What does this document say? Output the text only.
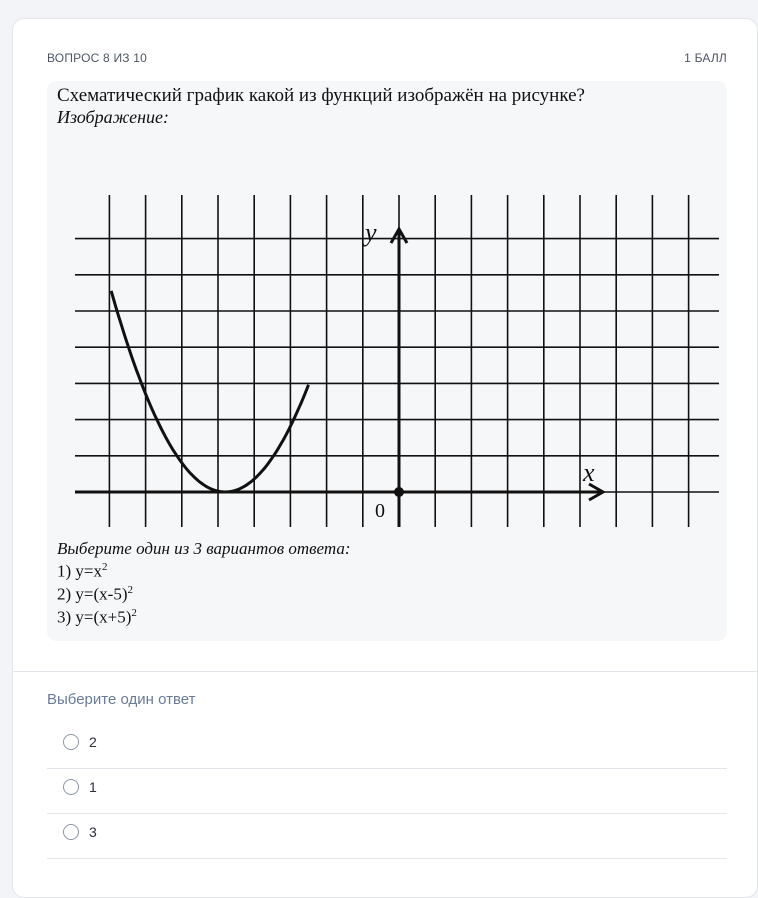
ВОПРОС 8 ИЗ 10	1 БАЛЛ
Схематический график какой из функций изображён на рисунке?
Изображение:
y
x
0
Выберите один из 3 вариантов ответа:
1) $y=x^2$
2) $y=(x-5)^2$
3) $y=(x+5)^2$
Выберите один ответ
2
1
3
